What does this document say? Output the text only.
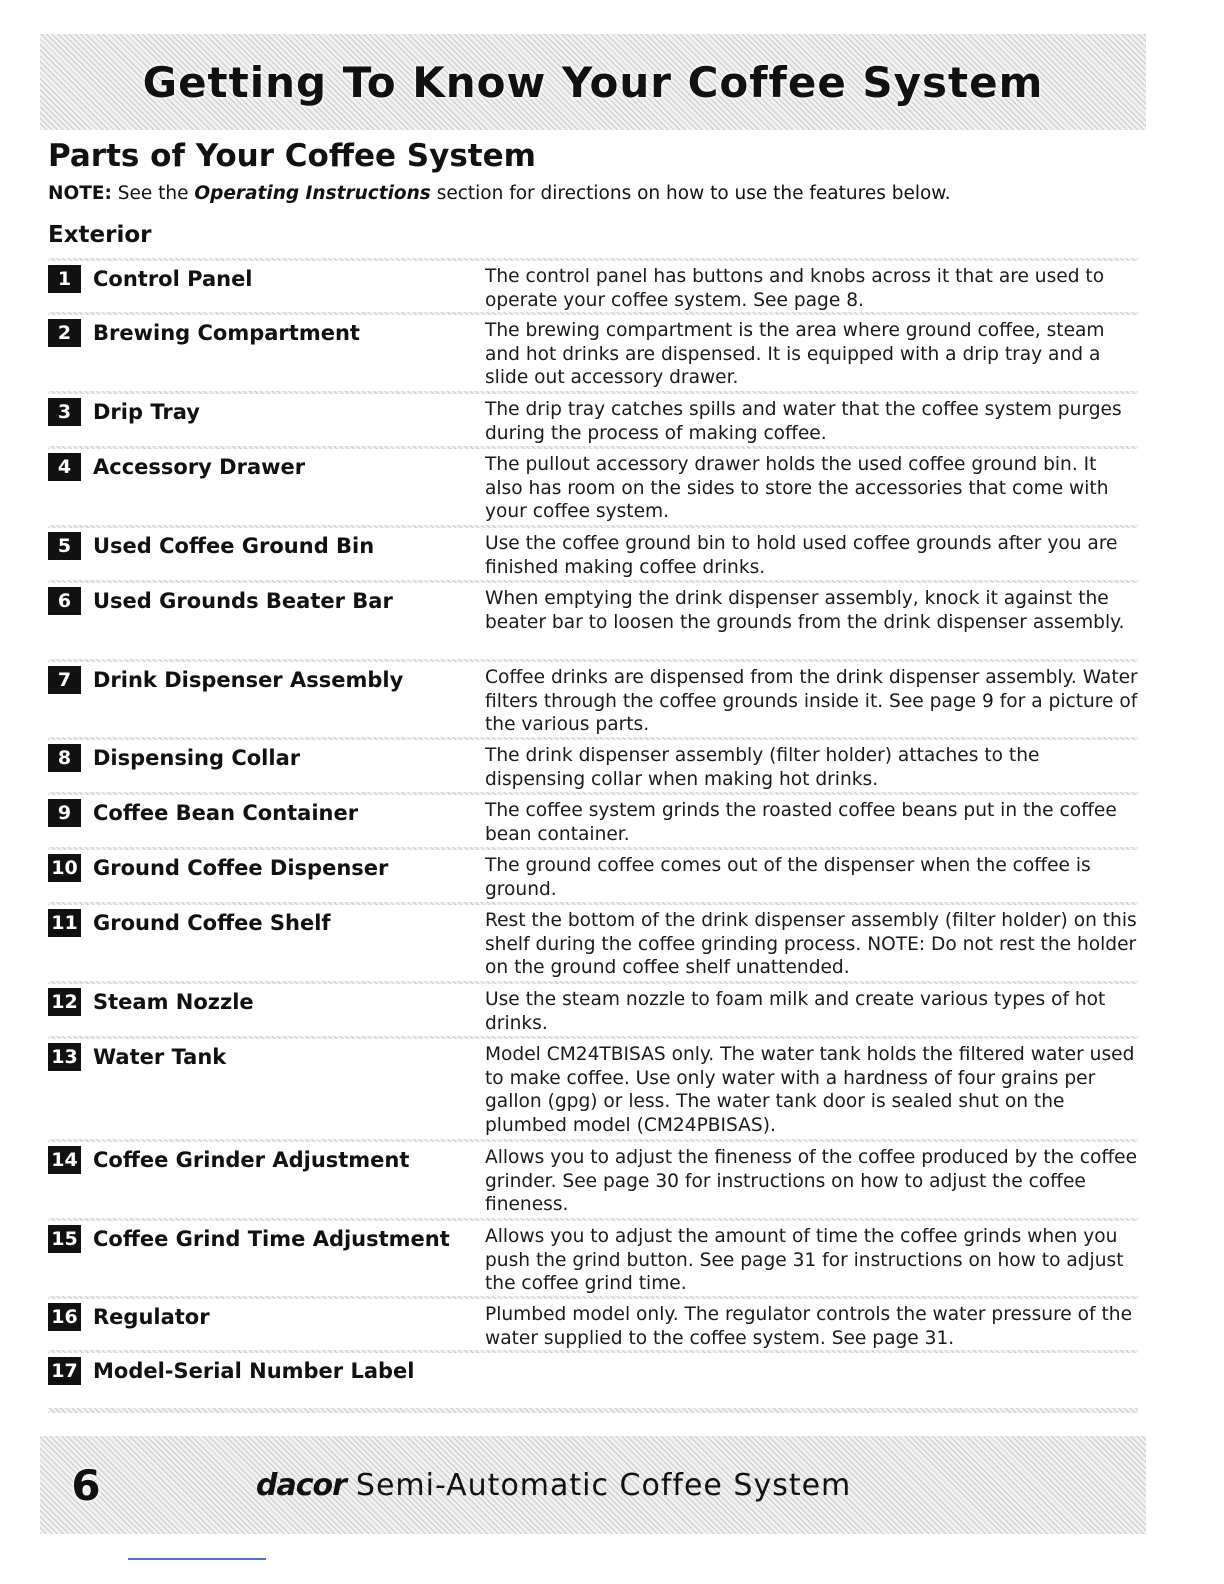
Getting To Know Your Coffee System
Parts of Your Coffee System

NOTE: See the Operating Instructions section for directions on how to use the features below.

Exterior
1	Control Panel	The control panel has buttons and knobs across it that are used to operate your coffee system. See page 8.
2	Brewing Compartment	The brewing compartment is the area where ground coffee, steam and hot drinks are dispensed. It is equipped with a drip tray and a slide out accessory drawer.
3	Drip Tray	The drip tray catches spills and water that the coffee system purges during the process of making coffee.
4	Accessory Drawer	The pullout accessory drawer holds the used coffee ground bin. It also has room on the sides to store the accessories that come with your coffee system.
5	Used Coffee Ground Bin	Use the coffee ground bin to hold used coffee grounds after you are finished making coffee drinks.
6	Used Grounds Beater Bar	When emptying the drink dispenser assembly, knock it against the beater bar to loosen the grounds from the drink dispenser assembly.
7	Drink Dispenser Assembly	Coffee drinks are dispensed from the drink dispenser assembly. Water filters through the coffee grounds inside it. See page 9 for a picture of the various parts.
8	Dispensing Collar	The drink dispenser assembly (filter holder) attaches to the dispensing collar when making hot drinks.
9	Coffee Bean Container	The coffee system grinds the roasted coffee beans put in the coffee bean container.
10 Ground Coffee Dispenser	The ground coffee comes out of the dispenser when the coffee is ground.
11 Ground Coffee Shelf	Rest the bottom of the drink dispenser assembly (filter holder) on this shelf during the coffee grinding process. NOTE: Do not rest the holder on the ground coffee shelf unattended.
12 Steam Nozzle	Use the steam nozzle to foam milk and create various types of hot drinks.
13 Water Tank	Model CM24TBISAS only. The water tank holds the filtered water used to make coffee. Use only water with a hardness of four grains per gallon (gpg) or less. The water tank door is sealed shut on the plumbed model (CM24PBISAS).
14 Coffee Grinder Adjustment	Allows you to adjust the fineness of the coffee produced by the coffee grinder. See page 30 for instructions on how to adjust the coffee fineness.
15 Coffee Grind Time Adjustment	Allows you to adjust the amount of time the coffee grinds when you push the grind button. See page 31 for instructions on how to adjust the coffee grind time.
16 Regulator	Plumbed model only. The regulator controls the water pressure of the water supplied to the coffee system. See page 31.
17 Model-Serial Number Label
6	dacor Semi-Automatic Coffee System
